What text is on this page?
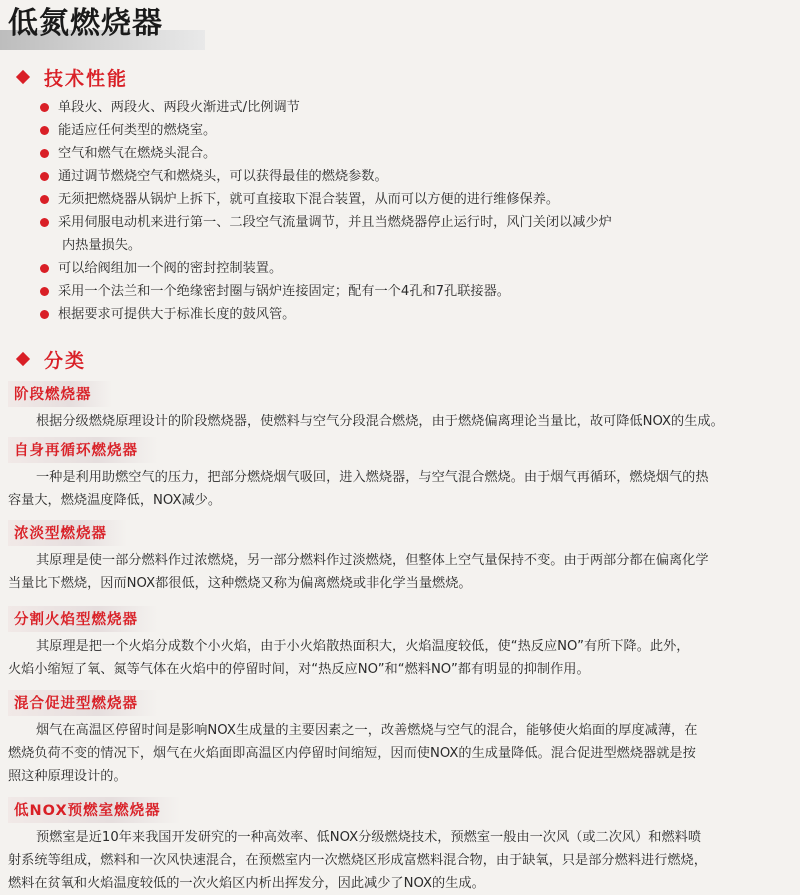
低氮燃烧器
技术性能
单段火、两段火、两段火渐进式/比例调节
能适应任何类型的燃烧室。
空气和燃气在燃烧头混合。
通过调节燃烧空气和燃烧头，可以获得最佳的燃烧参数。
无须把燃烧器从锅炉上拆下，就可直接取下混合装置，从而可以方便的进行维修保养。
采用伺服电动机来进行第一、二段空气流量调节，并且当燃烧器停止运行时，风门关闭以减少炉
内热量损失。
可以给阀组加一个阀的密封控制装置。
采用一个法兰和一个绝缘密封圈与锅炉连接固定；配有一个4孔和7孔联接器。
根据要求可提供大于标准长度的鼓风管。
分类
阶段燃烧器
根据分级燃烧原理设计的阶段燃烧器，使燃料与空气分段混合燃烧，由于燃烧偏离理论当量比，故可降低NOX的生成。
自身再循环燃烧器
一种是利用助燃空气的压力，把部分燃烧烟气吸回，进入燃烧器，与空气混合燃烧。由于烟气再循环，燃烧烟气的热
容量大，燃烧温度降低，NOX减少。
浓淡型燃烧器
其原理是使一部分燃料作过浓燃烧，另一部分燃料作过淡燃烧，但整体上空气量保持不变。由于两部分都在偏离化学
当量比下燃烧，因而NOX都很低，这种燃烧又称为偏离燃烧或非化学当量燃烧。
分割火焰型燃烧器
其原理是把一个火焰分成数个小火焰，由于小火焰散热面积大，火焰温度较低，使“热反应NO”有所下降。此外，
火焰小缩短了氧、氮等气体在火焰中的停留时间，对“热反应NO”和“燃料NO”都有明显的抑制作用。
混合促进型燃烧器
烟气在高温区停留时间是影响NOX生成量的主要因素之一，改善燃烧与空气的混合，能够使火焰面的厚度减薄，在
燃烧负荷不变的情况下，烟气在火焰面即高温区内停留时间缩短，因而使NOX的生成量降低。混合促进型燃烧器就是按
照这种原理设计的。
低NOX预燃室燃烧器
预燃室是近10年来我国开发研究的一种高效率、低NOX分级燃烧技术，预燃室一般由一次风（或二次风）和燃料喷
射系统等组成，燃料和一次风快速混合，在预燃室内一次燃烧区形成富燃料混合物，由于缺氧，只是部分燃料进行燃烧，
燃料在贫氧和火焰温度较低的一次火焰区内析出挥发分，因此减少了NOX的生成。
